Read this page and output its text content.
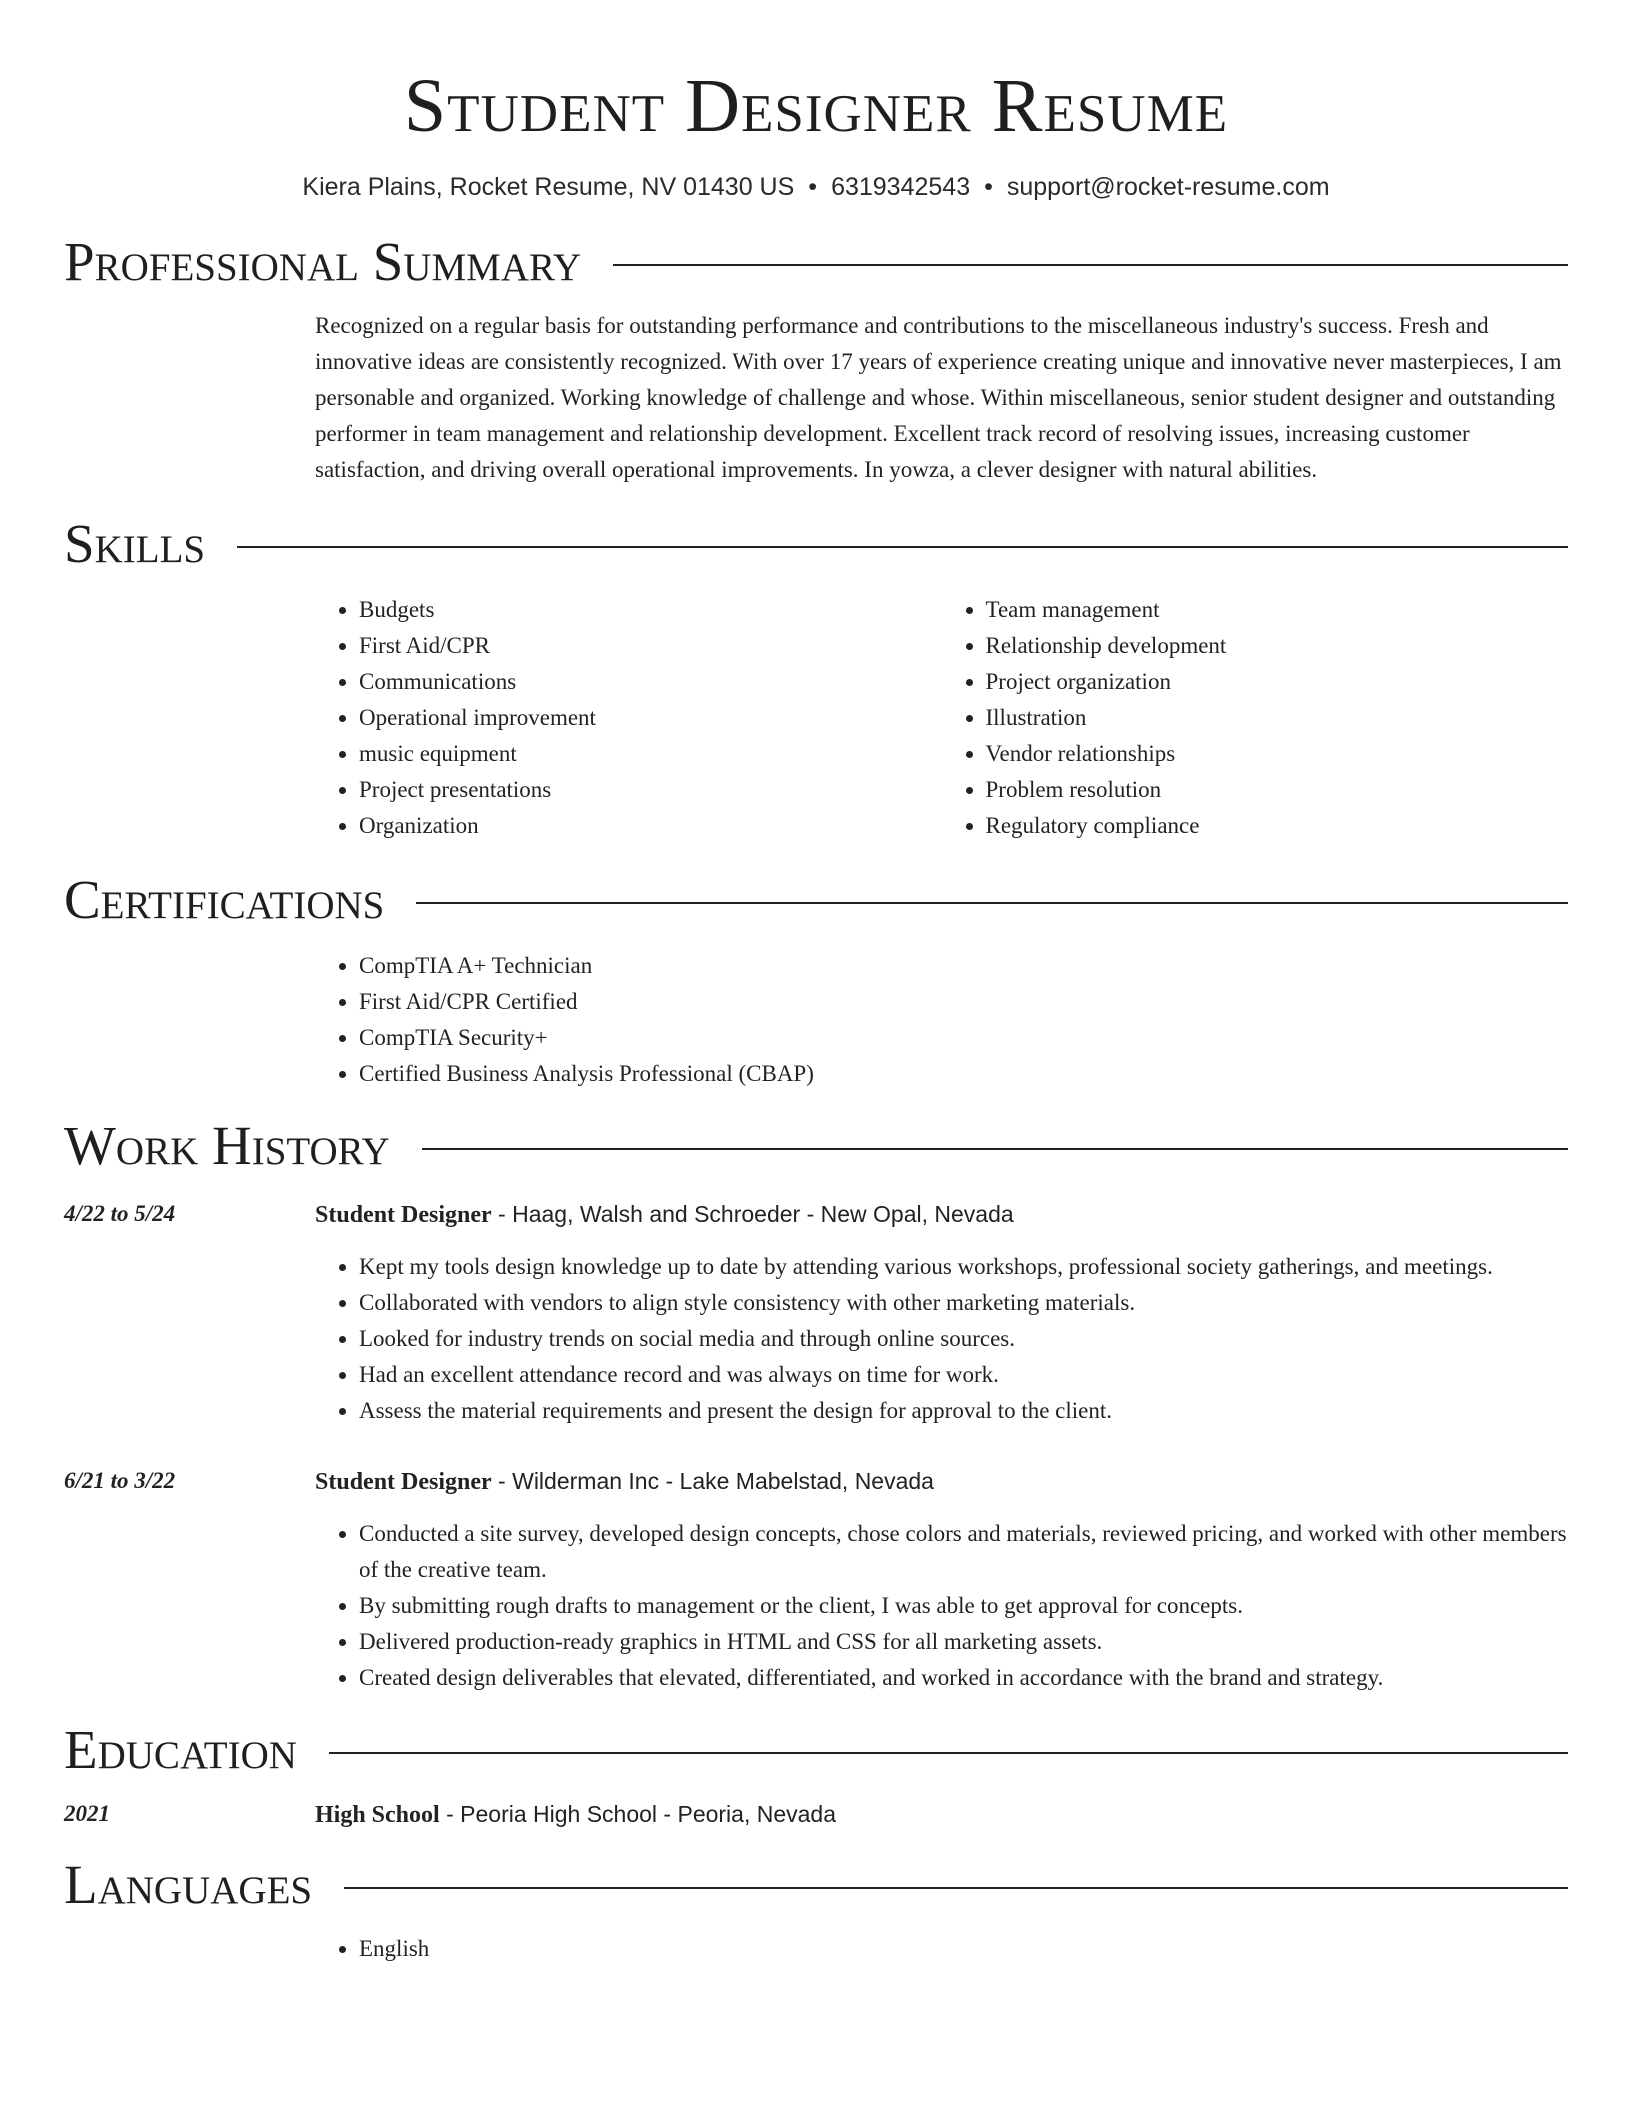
Student Designer Resume
Kiera Plains, Rocket Resume, NV 01430 US • 6319342543 • support@rocket-resume.com
Professional Summary

Recognized on a regular basis for outstanding performance and contributions to the miscellaneous industry's success. Fresh and innovative ideas are consistently recognized. With over 17 years of experience creating unique and innovative never masterpieces, I am personable and organized. Working knowledge of challenge and whose. Within miscellaneous, senior student designer and outstanding performer in team management and relationship development. Excellent track record of resolving issues, increasing customer satisfaction, and driving overall operational improvements. In yowza, a clever designer with natural abilities.

Skills
• Budgets
• First Aid/CPR
• Communications
• Operational improvement
• music equipment
• Project presentations
• Organization
• Team management
• Relationship development
• Project organization
• Illustration
• Vendor relationships
• Problem resolution
• Regulatory compliance
Certifications
• CompTIA A+ Technician
• First Aid/CPR Certified
• CompTIA Security+
• Certified Business Analysis Professional (CBAP)
Work History
4/22 to 5/24	Student Designer - Haag, Walsh and Schroeder - New Opal, Nevada
• Kept my tools design knowledge up to date by attending various workshops, professional society gatherings, and meetings.
• Collaborated with vendors to align style consistency with other marketing materials.
• Looked for industry trends on social media and through online sources.
• Had an excellent attendance record and was always on time for work.
• Assess the material requirements and present the design for approval to the client.
6/21 to 3/22	Student Designer - Wilderman Inc - Lake Mabelstad, Nevada
• Conducted a site survey, developed design concepts, chose colors and materials, reviewed pricing, and worked with other members of the creative team.
• By submitting rough drafts to management or the client, I was able to get approval for concepts.
• Delivered production-ready graphics in HTML and CSS for all marketing assets.
• Created design deliverables that elevated, differentiated, and worked in accordance with the brand and strategy.
Education
2021	High School - Peoria High School - Peoria, Nevada
Languages
• English
